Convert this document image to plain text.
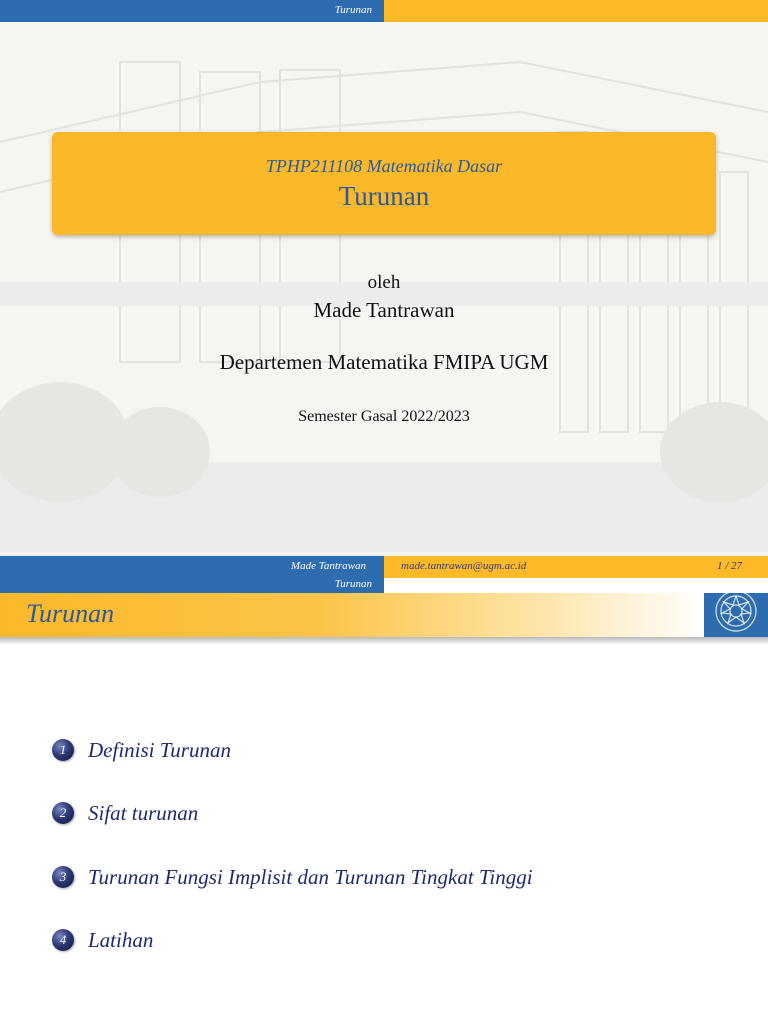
Turunan
TPHP211108 Matematika Dasar
Turunan
oleh
Made Tantrawan
Departemen Matematika FMIPA UGM
Semester Gasal 2022/2023
Made Tantrawan	made.tantrawan@ugm.ac.id	1 / 27
Turunan
Turunan
1	Definisi Turunan
2	Sifat turunan
3	Turunan Fungsi Implisit dan Turunan Tingkat Tinggi
4	Latihan
